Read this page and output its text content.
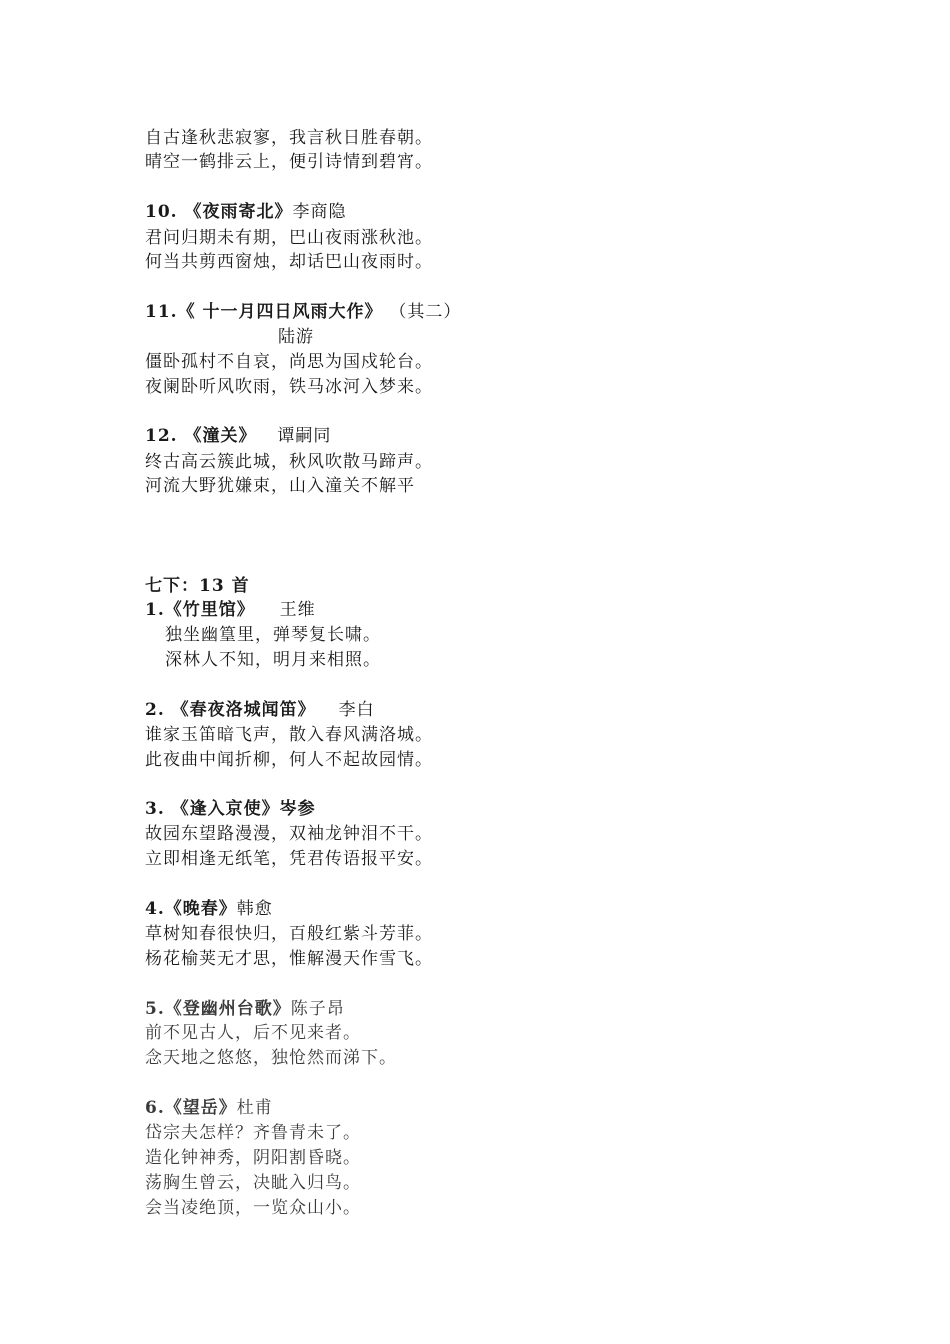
自古逢秋悲寂寥，我言秋日胜春朝。
晴空一鹤排云上，便引诗情到碧宵。
10. 《夜雨寄北》李商隐
君问归期未有期，巴山夜雨涨秋池。
何当共剪西窗烛，却话巴山夜雨时。
11.《 十一月四日风雨大作》 （其二）
陆游
僵卧孤村不自哀，尚思为国戍轮台。
夜阑卧听风吹雨，铁马冰河入梦来。
12. 《潼关》 谭嗣同
终古高云簇此城，秋风吹散马蹄声。
河流大野犹嫌束，山入潼关不解平
七下：13 首
1.《竹里馆》 王维
独坐幽篁里，弹琴复长啸。
深林人不知，明月来相照。
2. 《春夜洛城闻笛》 李白
谁家玉笛暗飞声，散入春风满洛城。
此夜曲中闻折柳，何人不起故园情。
3. 《逢入京使》岑参
故园东望路漫漫，双袖龙钟泪不干。
立即相逢无纸笔，凭君传语报平安。
4.《晚春》韩愈
草树知春很快归，百般红紫斗芳菲。
杨花榆荚无才思，惟解漫天作雪飞。
5.《登幽州台歌》陈子昂
前不见古人，后不见来者。
念天地之悠悠，独怆然而涕下。
6.《望岳》杜甫
岱宗夫怎样？齐鲁青未了。
造化钟神秀，阴阳割昏晓。
荡胸生曾云，决眦入归鸟。
会当凌绝顶，一览众山小。
